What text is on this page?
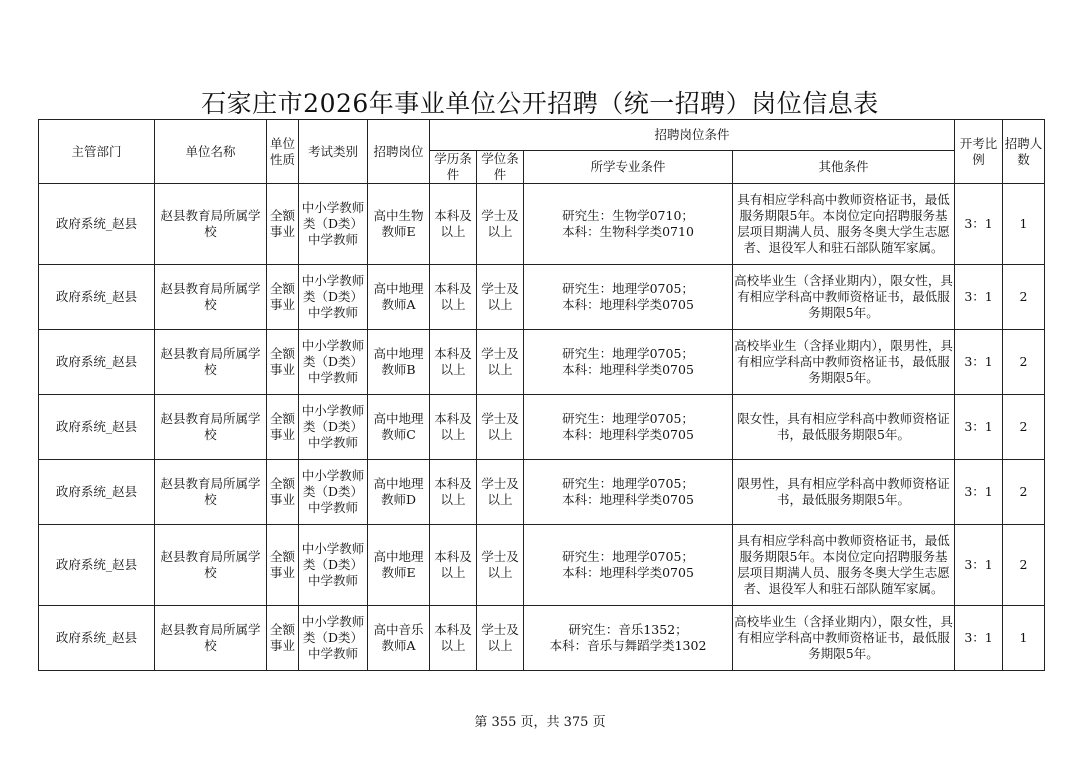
石家庄市2026年事业单位公开招聘（统一招聘）岗位信息表
主管部门	单位名称	单位性质	考试类别	招聘岗位	招聘岗位条件				开考比例	招聘人数
					学历条件	学位条件	所学专业条件	其他条件		
政府系统_赵县	赵县教育局所属学校	全额事业	中小学教师类（D类）中学教师	高中生物教师E	本科及以上	学士及以上	研究生：生物学0710；
本科：生物科学类0710	具有相应学科高中教师资格证书，最低服务期限5年。本岗位定向招聘服务基层项目期满人员、服务冬奥大学生志愿者、退役军人和驻石部队随军家属。	3：1	1
政府系统_赵县	赵县教育局所属学校	全额事业	中小学教师类（D类）中学教师	高中地理教师A	本科及以上	学士及以上	研究生：地理学0705；
本科：地理科学类0705	高校毕业生（含择业期内），限女性，具有相应学科高中教师资格证书，最低服务期限5年。	3：1	2
政府系统_赵县	赵县教育局所属学校	全额事业	中小学教师类（D类）中学教师	高中地理教师B	本科及以上	学士及以上	研究生：地理学0705；
本科：地理科学类0705	高校毕业生（含择业期内），限男性，具有相应学科高中教师资格证书，最低服务期限5年。	3：1	2
政府系统_赵县	赵县教育局所属学校	全额事业	中小学教师类（D类）中学教师	高中地理教师C	本科及以上	学士及以上	研究生：地理学0705；
本科：地理科学类0705	限女性，具有相应学科高中教师资格证书，最低服务期限5年。	3：1	2
政府系统_赵县	赵县教育局所属学校	全额事业	中小学教师类（D类）中学教师	高中地理教师D	本科及以上	学士及以上	研究生：地理学0705；
本科：地理科学类0705	限男性，具有相应学科高中教师资格证书，最低服务期限5年。	3：1	2
政府系统_赵县	赵县教育局所属学校	全额事业	中小学教师类（D类）中学教师	高中地理教师E	本科及以上	学士及以上	研究生：地理学0705；
本科：地理科学类0705	具有相应学科高中教师资格证书，最低服务期限5年。本岗位定向招聘服务基层项目期满人员、服务冬奥大学生志愿者、退役军人和驻石部队随军家属。	3：1	2
政府系统_赵县	赵县教育局所属学校	全额事业	中小学教师类（D类）中学教师	高中音乐教师A	本科及以上	学士及以上	研究生：音乐1352；
本科：音乐与舞蹈学类1302	高校毕业生（含择业期内），限女性，具有相应学科高中教师资格证书，最低服务期限5年。	3：1	1
第 355 页，共 375 页
